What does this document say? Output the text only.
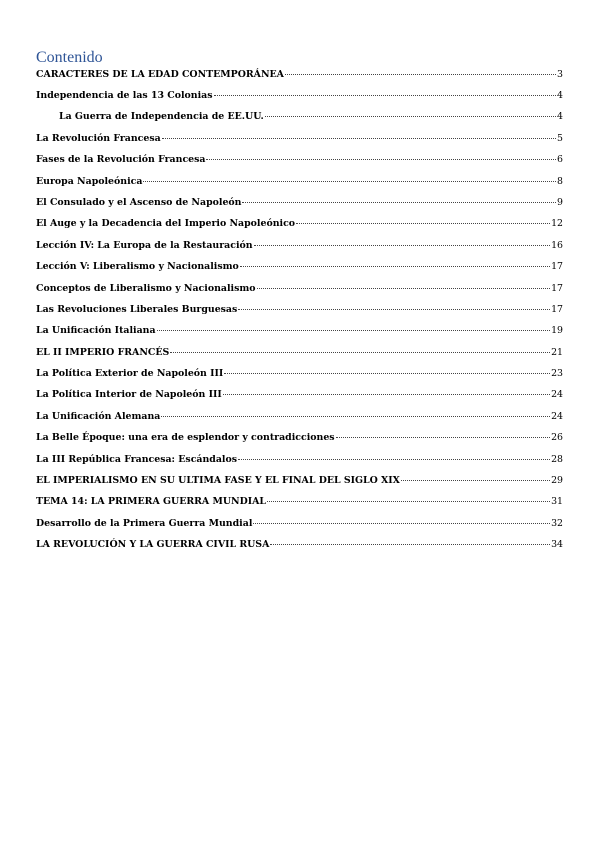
Contenido
CARACTERES DE LA EDAD CONTEMPORÁNEA	3
Independencia de las 13 Colonias	4
La Guerra de Independencia de EE.UU.	4
La Revolución Francesa	5
Fases de la Revolución Francesa	6
Europa Napoleónica	8
El Consulado y el Ascenso de Napoleón	9
El Auge y la Decadencia del Imperio Napoleónico	12
Lección IV: La Europa de la Restauración	16
Lección V: Liberalismo y Nacionalismo	17
Conceptos de Liberalismo y Nacionalismo	17
Las Revoluciones Liberales Burguesas	17
La Unificación Italiana	19
EL II IMPERIO FRANCÉS	21
La Política Exterior de Napoleón III	23
La Política Interior de Napoleón III	24
La Unificación Alemana	24
La Belle Époque: una era de esplendor y contradicciones	26
La III República Francesa: Escándalos	28
EL IMPERIALISMO EN SU ULTIMA FASE Y EL FINAL DEL SIGLO XIX	29
TEMA 14: LA PRIMERA GUERRA MUNDIAL	31
Desarrollo de la Primera Guerra Mundial	32
LA REVOLUCIÓN Y LA GUERRA CIVIL RUSA	34
